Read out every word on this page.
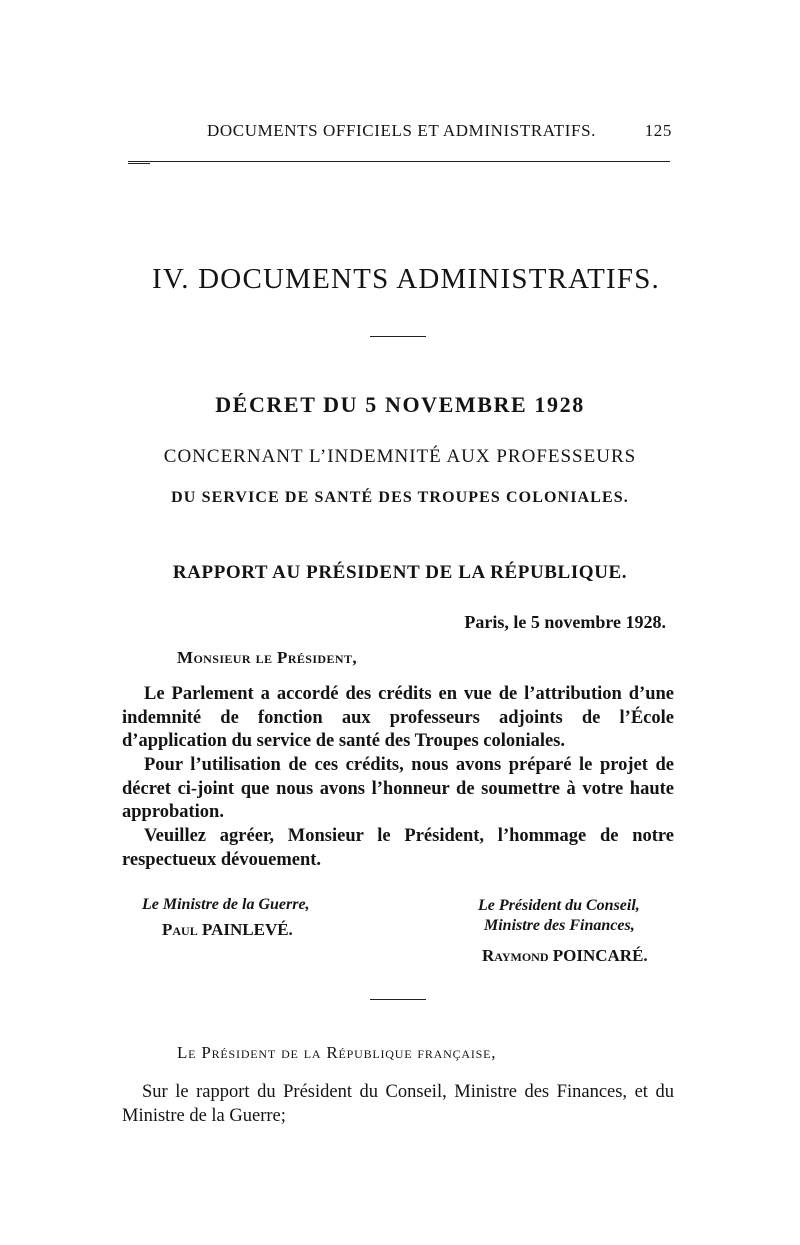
DOCUMENTS OFFICIELS ET ADMINISTRATIFS.	125
IV. DOCUMENTS ADMINISTRATIFS.
DÉCRET DU 5 NOVEMBRE 1928
CONCERNANT L’INDEMNITÉ AUX PROFESSEURS
DU SERVICE DE SANTÉ DES TROUPES COLONIALES.
RAPPORT AU PRÉSIDENT DE LA RÉPUBLIQUE.
Paris, le 5 novembre 1928.
Monsieur le Président,

Le Parlement a accordé des crédits en vue de l’attribution d’une indemnité de fonction aux professeurs adjoints de l’École d’application du service de santé des Troupes coloniales.

Pour l’utilisation de ces crédits, nous avons préparé le projet de décret ci-joint que nous avons l’honneur de soumettre à votre haute approbation.

Veuillez agréer, Monsieur le Président, l’hommage de notre respectueux dévouement.

Le Ministre de la Guerre,
Paul PAINLEVÉ.
Le Président du Conseil,
Ministre des Finances,
Raymond POINCARÉ.
Le Président de la République française,

Sur le rapport du Président du Conseil, Ministre des Finances, et du Ministre de la Guerre;
